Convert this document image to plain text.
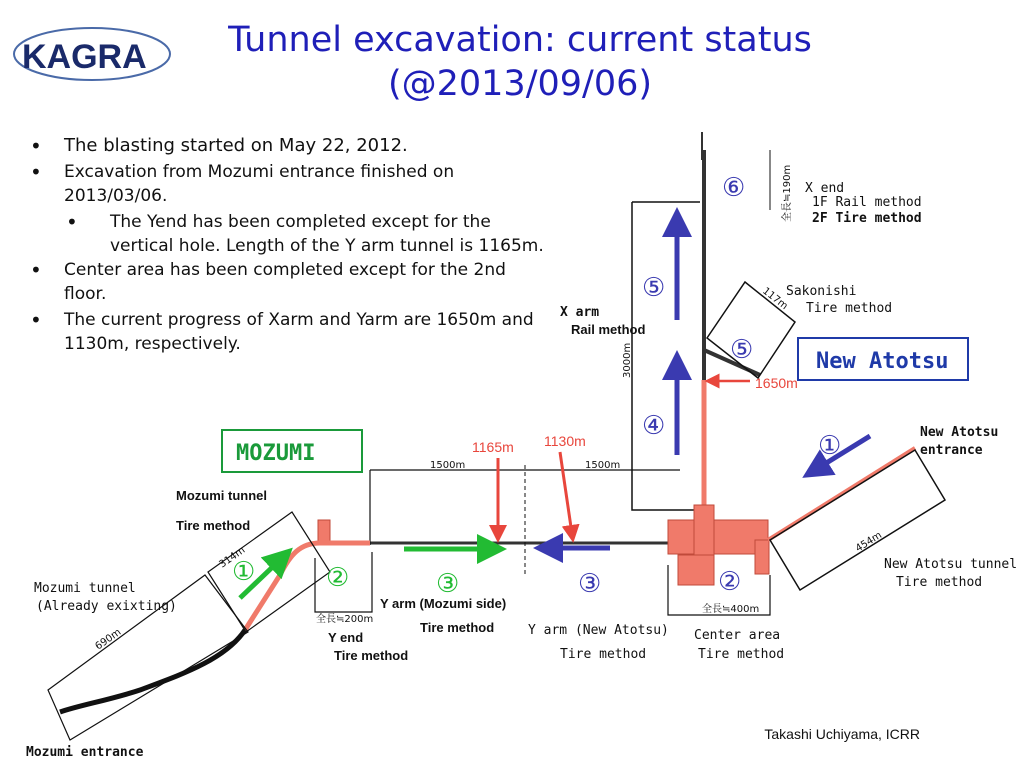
KAGRA	Tunnel excavation: current status
(@2013/09/06)
• The blasting started on May 22, 2012.
• Excavation from Mozumi entrance finished on 2013/03/06.
• The Yend has been completed except for the vertical hole. Length of the Y arm tunnel is 1165m.
• Center area has been completed except for the 2nd floor.
• The current progress of Xarm and Yarm are 1650m and 1130m, respectively.
MOZUMI
New Atotsu
1165m 1130m
1650m
⑥
⑤
⑤
④
①
②
③
③
②
①
X end
1F Rail method
2F Tire method
Sakonishi
Tire method
X arm
Rail method
New Atotsu
entrance
New Atotsu tunnel
Tire method
Mozumi tunnel
Tire method
Mozumi tunnel
(Already exixting)
Mozumi entrance
Y end
Tire method
Y arm (Mozumi side)
Tire method	Y arm (New Atotsu)
Tire method
Center area
Tire method
全長≒190m
3000m
117m
1500m	1500m
314m
690m
454m
全長≒200m
全長≒400m
Takashi Uchiyama, ICRR
